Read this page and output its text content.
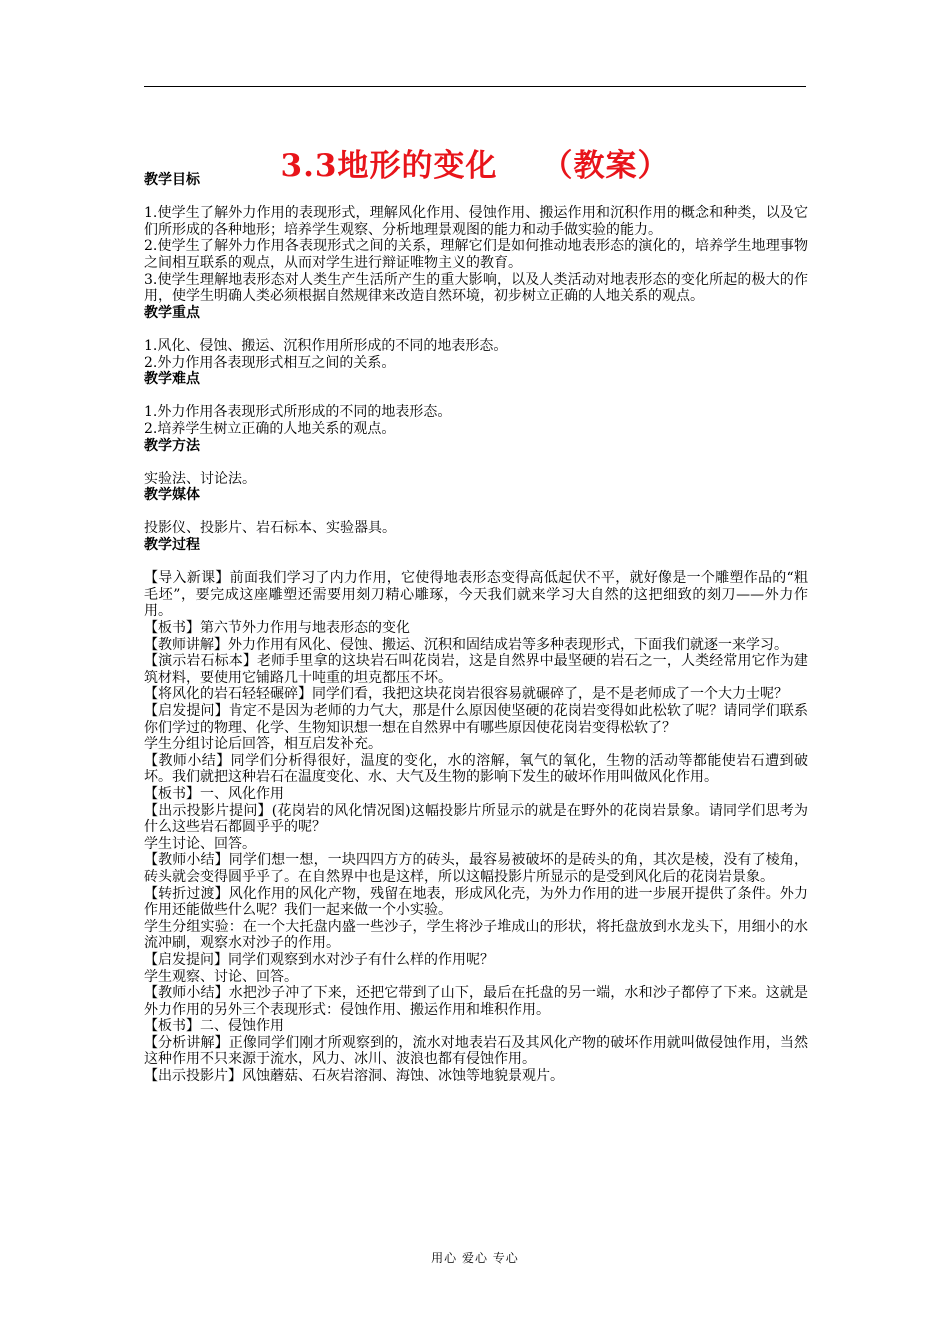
3.3地形的变化 （教案）

教学目标

1.使学生了解外力作用的表现形式，理解风化作用、侵蚀作用、搬运作用和沉积作用的概念和种类，以及它们所形成的各种地形；培养学生观察、分析地理景观图的能力和动手做实验的能力。

2.使学生了解外力作用各表现形式之间的关系，理解它们是如何推动地表形态的演化的，培养学生地理事物之间相互联系的观点，从而对学生进行辩证唯物主义的教育。

3.使学生理解地表形态对人类生产生活所产生的重大影响，以及人类活动对地表形态的变化所起的极大的作用，使学生明确人类必须根据自然规律来改造自然环境，初步树立正确的人地关系的观点。

教学重点

1.风化、侵蚀、搬运、沉积作用所形成的不同的地表形态。

2.外力作用各表现形式相互之间的关系。

教学难点

1.外力作用各表现形式所形成的不同的地表形态。

2.培养学生树立正确的人地关系的观点。

教学方法

实验法、讨论法。

教学媒体

投影仪、投影片、岩石标本、实验器具。

教学过程

【导入新课】前面我们学习了内力作用，它使得地表形态变得高低起伏不平，就好像是一个雕塑作品的“粗毛坯”，要完成这座雕塑还需要用刻刀精心雕琢，今天我们就来学习大自然的这把细致的刻刀——外力作用。

【板书】第六节外力作用与地表形态的变化

【教师讲解】外力作用有风化、侵蚀、搬运、沉积和固结成岩等多种表现形式，下面我们就逐一来学习。

【演示岩石标本】老师手里拿的这块岩石叫花岗岩，这是自然界中最坚硬的岩石之一，人类经常用它作为建筑材料，要使用它铺路几十吨重的坦克都压不坏。

【将风化的岩石轻轻碾碎】同学们看，我把这块花岗岩很容易就碾碎了，是不是老师成了一个大力士呢？

【启发提问】肯定不是因为老师的力气大，那是什么原因使坚硬的花岗岩变得如此松软了呢？请同学们联系你们学过的物理、化学、生物知识想一想在自然界中有哪些原因使花岗岩变得松软了？

学生分组讨论后回答，相互启发补充。

【教师小结】同学们分析得很好，温度的变化，水的溶解，氧气的氧化，生物的活动等都能使岩石遭到破坏。我们就把这种岩石在温度变化、水、大气及生物的影响下发生的破坏作用叫做风化作用。

【板书】一、风化作用

【出示投影片提问】(花岗岩的风化情况图)这幅投影片所显示的就是在野外的花岗岩景象。请同学们思考为什么这些岩石都圆乎乎的呢？

学生讨论、回答。

【教师小结】同学们想一想，一块四四方方的砖头，最容易被破坏的是砖头的角，其次是棱，没有了棱角，砖头就会变得圆乎乎了。在自然界中也是这样，所以这幅投影片所显示的是受到风化后的花岗岩景象。

【转折过渡】风化作用的风化产物，残留在地表，形成风化壳，为外力作用的进一步展开提供了条件。外力作用还能做些什么呢？我们一起来做一个小实验。

学生分组实验：在一个大托盘内盛一些沙子，学生将沙子堆成山的形状，将托盘放到水龙头下，用细小的水流冲刷，观察水对沙子的作用。

【启发提问】同学们观察到水对沙子有什么样的作用呢？

学生观察、讨论、回答。

【教师小结】水把沙子冲了下来，还把它带到了山下，最后在托盘的另一端，水和沙子都停了下来。这就是外力作用的另外三个表现形式：侵蚀作用、搬运作用和堆积作用。

【板书】二、侵蚀作用

【分析讲解】正像同学们刚才所观察到的，流水对地表岩石及其风化产物的破坏作用就叫做侵蚀作用，当然这种作用不只来源于流水，风力、冰川、波浪也都有侵蚀作用。

【出示投影片】风蚀蘑菇、石灰岩溶洞、海蚀、冰蚀等地貌景观片。

用心 爱心 专心
